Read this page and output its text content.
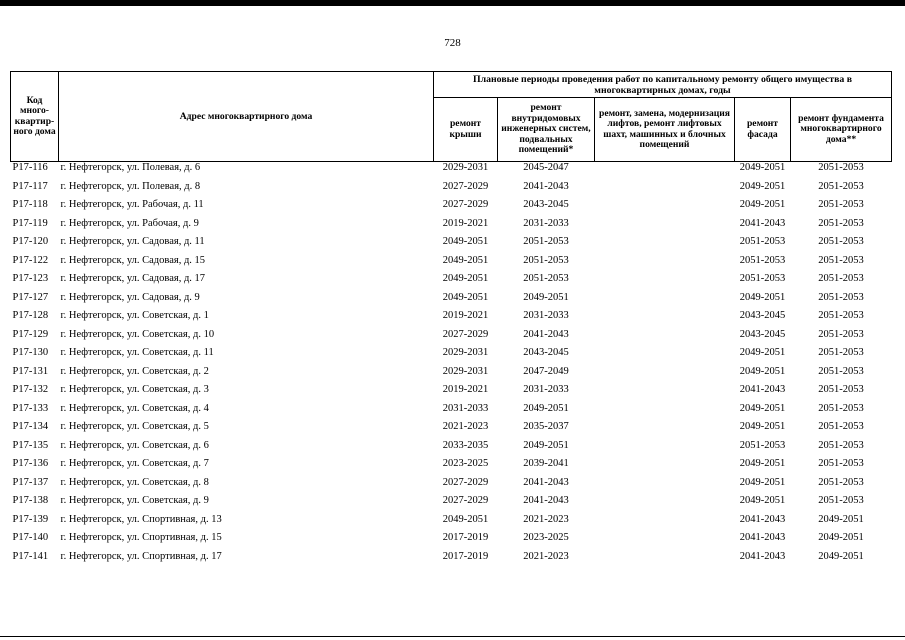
728
Код много-квартир-ного дома	Адрес многоквартирного дома	Плановые периоды проведения работ по капитальному ремонту общего имущества в многоквартирных домах, годы				
		ремонт крыши	ремонт внутридомовых инженерных систем, подвальных помещений*	ремонт, замена, модернизация лифтов, ремонт лифтовых шахт, машинных и блочных помещений	ремонт фасада	ремонт фундамента многоквартирного дома**
Р17-116	г. Нефтегорск, ул. Полевая, д. 6	2029-2031	2045-2047		2049-2051	2051-2053
Р17-117	г. Нефтегорск, ул. Полевая, д. 8	2027-2029	2041-2043		2049-2051	2051-2053
Р17-118	г. Нефтегорск, ул. Рабочая, д. 11	2027-2029	2043-2045		2049-2051	2051-2053
Р17-119	г. Нефтегорск, ул. Рабочая, д. 9	2019-2021	2031-2033		2041-2043	2051-2053
Р17-120	г. Нефтегорск, ул. Садовая, д. 11	2049-2051	2051-2053		2051-2053	2051-2053
Р17-122	г. Нефтегорск, ул. Садовая, д. 15	2049-2051	2051-2053		2051-2053	2051-2053
Р17-123	г. Нефтегорск, ул. Садовая, д. 17	2049-2051	2051-2053		2051-2053	2051-2053
Р17-127	г. Нефтегорск, ул. Садовая, д. 9	2049-2051	2049-2051		2049-2051	2051-2053
Р17-128	г. Нефтегорск, ул. Советская, д. 1	2019-2021	2031-2033		2043-2045	2051-2053
Р17-129	г. Нефтегорск, ул. Советская, д. 10	2027-2029	2041-2043		2043-2045	2051-2053
Р17-130	г. Нефтегорск, ул. Советская, д. 11	2029-2031	2043-2045		2049-2051	2051-2053
Р17-131	г. Нефтегорск, ул. Советская, д. 2	2029-2031	2047-2049		2049-2051	2051-2053
Р17-132	г. Нефтегорск, ул. Советская, д. 3	2019-2021	2031-2033		2041-2043	2051-2053
Р17-133	г. Нефтегорск, ул. Советская, д. 4	2031-2033	2049-2051		2049-2051	2051-2053
Р17-134	г. Нефтегорск, ул. Советская, д. 5	2021-2023	2035-2037		2049-2051	2051-2053
Р17-135	г. Нефтегорск, ул. Советская, д. 6	2033-2035	2049-2051		2051-2053	2051-2053
Р17-136	г. Нефтегорск, ул. Советская, д. 7	2023-2025	2039-2041		2049-2051	2051-2053
Р17-137	г. Нефтегорск, ул. Советская, д. 8	2027-2029	2041-2043		2049-2051	2051-2053
Р17-138	г. Нефтегорск, ул. Советская, д. 9	2027-2029	2041-2043		2049-2051	2051-2053
Р17-139	г. Нефтегорск, ул. Спортивная, д. 13	2049-2051	2021-2023		2041-2043	2049-2051
Р17-140	г. Нефтегорск, ул. Спортивная, д. 15	2017-2019	2023-2025		2041-2043	2049-2051
Р17-141	г. Нефтегорск, ул. Спортивная, д. 17	2017-2019	2021-2023		2041-2043	2049-2051
